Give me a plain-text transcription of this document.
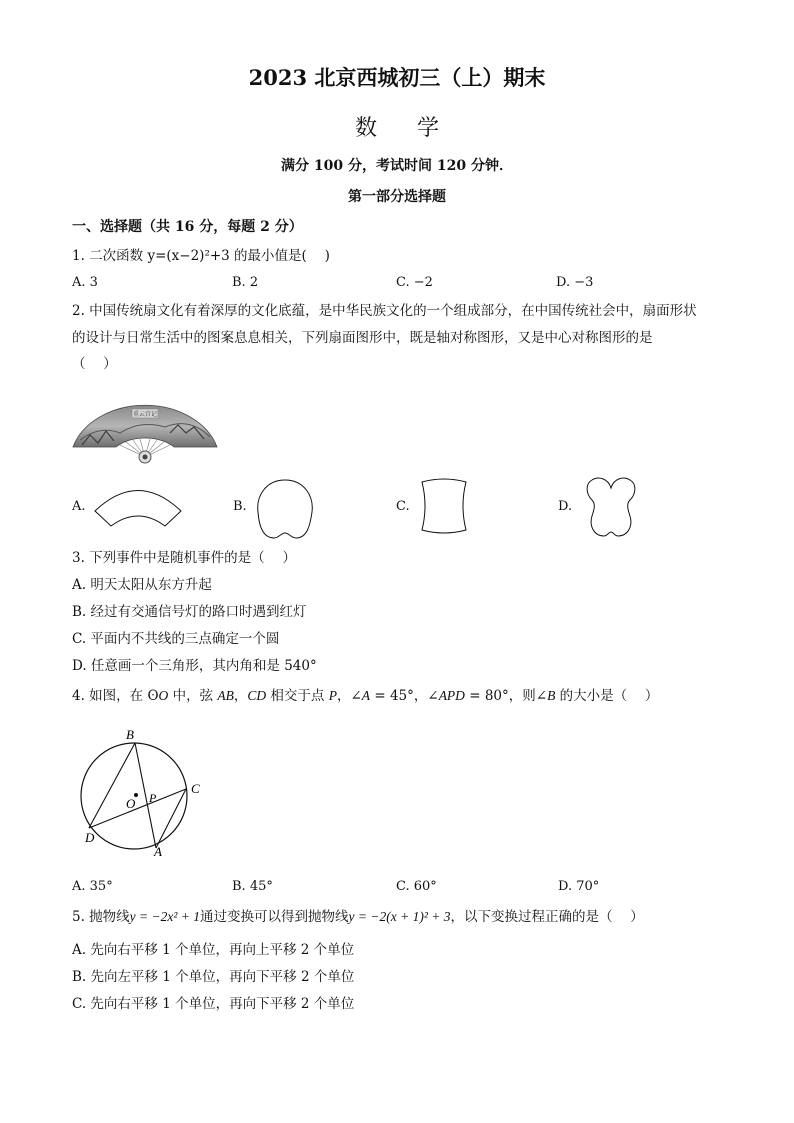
2023 北京西城初三（上）期末
数学
满分 100 分，考试时间 120 分钟．
第一部分选择题
一、选择题（共 16 分，每题 2 分）
1. 二次函数 y=(x−2)²+3 的最小值是(　 )
A. 3	B. 2	C. −2	D. −3
2. 中国传统扇文化有着深厚的文化底蕴，是中华民族文化的一个组成部分，在中国传统社会中，扇面形状
的设计与日常生活中的图案息息相关，下列扇面图形中，既是轴对称图形，又是中心对称图形的是
（　 ）
重云宫记
A.	B.	C.	D.
3. 下列事件中是随机事件的是（　 ）
A. 明天太阳从东方升起
B. 经过有交通信号灯的路口时遇到红灯
C. 平面内不共线的三点确定一个圆
D. 任意画一个三角形，其内角和是 540°
4. 如图，在 ʘO 中，弦 AB，CD 相交于点 P，∠A = 45°，∠APD = 80°，则∠B 的大小是（　 ）
B
C
O P
D
A
A. 35°	B. 45°	C. 60°	D. 70°
5. 抛物线y = −2x² + 1通过变换可以得到抛物线y = −2(x + 1)² + 3，以下变换过程正确的是（　 ）
A. 先向右平移 1 个单位，再向上平移 2 个单位
B. 先向左平移 1 个单位，再向下平移 2 个单位
C. 先向右平移 1 个单位，再向下平移 2 个单位
